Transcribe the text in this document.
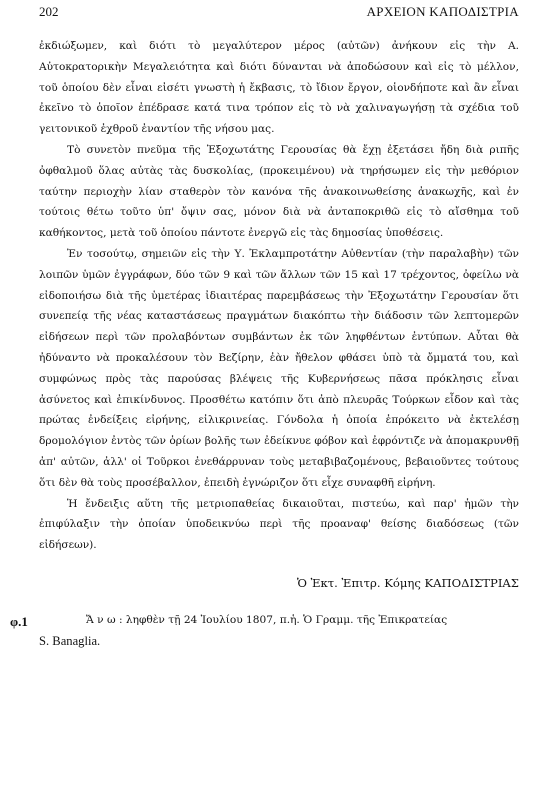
202	ΑΡΧΕΙΟΝ ΚΑΠΟΔΙΣΤΡΙΑ

ἐκδιώξωμεν, καὶ διότι τὸ μεγαλύτερον μέρος (αὐτῶν) ἀνήκουν εἰς τὴν Α. Αὐτοκρατορικὴν Μεγαλειότητα καὶ διότι δύνανται νὰ ἀποδώσουν καὶ εἰς τὸ μέλλον, τοῦ ὁποίου δὲν εἶναι εἰσέτι γνωστὴ ἡ ἔκβασις, τὸ ἴδιον ἔργον, οἱονδήποτε καὶ ἂν εἶναι ἐκεῖνο τὸ ὁποῖον ἐπέδρασε κατά τινα τρόπον εἰς τὸ νὰ χαλιναγωγήσῃ τὰ σχέδια τοῦ γειτονικοῦ ἐχθροῦ ἐναντίον τῆς νήσου μας.

Τὸ συνετὸν πνεῦμα τῆς Ἐξοχωτάτης Γερουσίας θὰ ἔχῃ ἐξετάσει ἤδη διὰ ριπῆς ὀφθαλμοῦ ὅλας αὐτὰς τὰς δυσκολίας, (προκειμένου) νὰ τηρήσωμεν εἰς τὴν μεθόριον ταύτην περιοχὴν λίαν σταθερὸν τὸν κανόνα τῆς ἀνακοινωθείσης ἀνακωχῆς, καὶ ἐν τούτοις θέτω τοῦτο ὑπ' ὄψιν σας, μόνον διὰ νὰ ἀνταποκριθῶ εἰς τὸ αἴσθημα τοῦ καθήκοντος, μετὰ τοῦ ὁποίου πάντοτε ἐνεργῶ εἰς τὰς δημοσίας ὑποθέσεις.

Ἐν τοσούτῳ, σημειῶν εἰς τὴν Υ. Ἐκλαμπροτάτην Αὐθεντίαν (τὴν παραλαβὴν) τῶν λοιπῶν ὑμῶν ἐγγράφων, δύο τῶν 9 καὶ τῶν ἄλλων τῶν 15 καὶ 17 τρέχοντος, ὀφείλω νὰ εἰδοποιήσω διὰ τῆς ὑμετέρας ἰδιαιτέρας παρεμβάσεως τὴν Ἐξοχωτάτην Γερουσίαν ὅτι συνεπείᾳ τῆς νέας καταστάσεως πραγμάτων διακόπτω τὴν διάδοσιν τῶν λεπτομερῶν εἰδήσεων περὶ τῶν προλαβόντων συμβάντων ἐκ τῶν ληφθέντων ἐντύπων. Αὗται θὰ ἠδύναντο νὰ προκαλέσουν τὸν Βεζίρην, ἐὰν ἤθελον φθάσει ὑπὸ τὰ ὄμματά του, καὶ συμφώνως πρὸς τὰς παρούσας βλέψεις τῆς Κυβερνήσεως πᾶσα πρόκλησις εἶναι ἀσύνετος καὶ ἐπικίνδυνος. Προσθέτω κατόπιν ὅτι ἀπὸ πλευρᾶς Τούρκων εἶδον καὶ τὰς πρώτας ἐνδείξεις εἰρήνης, εἰλικρινείας. Γόνδολα ἡ ὁποία ἐπρόκειτο νὰ ἐκτελέσῃ δρομολόγιον ἐντὸς τῶν ὁρίων βολῆς των ἐδείκνυε φόβον καὶ ἐφρόντιζε νὰ ἀπομακρυνθῇ ἀπ' αὐτῶν, ἀλλ' οἱ Τοῦρκοι ἐνεθάρρυναν τοὺς μεταβιβαζομένους, βεβαιοῦντες τούτους ὅτι δὲν θὰ τοὺς προσέβαλλον, ἐπειδὴ ἐγνώριζον ὅτι εἶχε συναφθῆ εἰρήνη.

Ἡ ἔνδειξις αὕτη τῆς μετριοπαθείας δικαιοῦται, πιστεύω, καὶ παρ' ἡμῶν τὴν ἐπιφύλαξιν τὴν ὁποίαν ὑποδεικνύω περὶ τῆς προαναφ' θείσης διαδόσεως (τῶν εἰδήσεων).

Ὁ Ἐκτ. Ἐπιτρ. Κόμης ΚΑΠΟΔΙΣΤΡΙΑΣ
φ.1	Ἄ ν ω : ληφθὲν τῇ 24 Ἰουλίου 1807, π.ἡ. Ὁ Γραμμ. τῆς Ἐπικρατείας
S. Banaglia.
